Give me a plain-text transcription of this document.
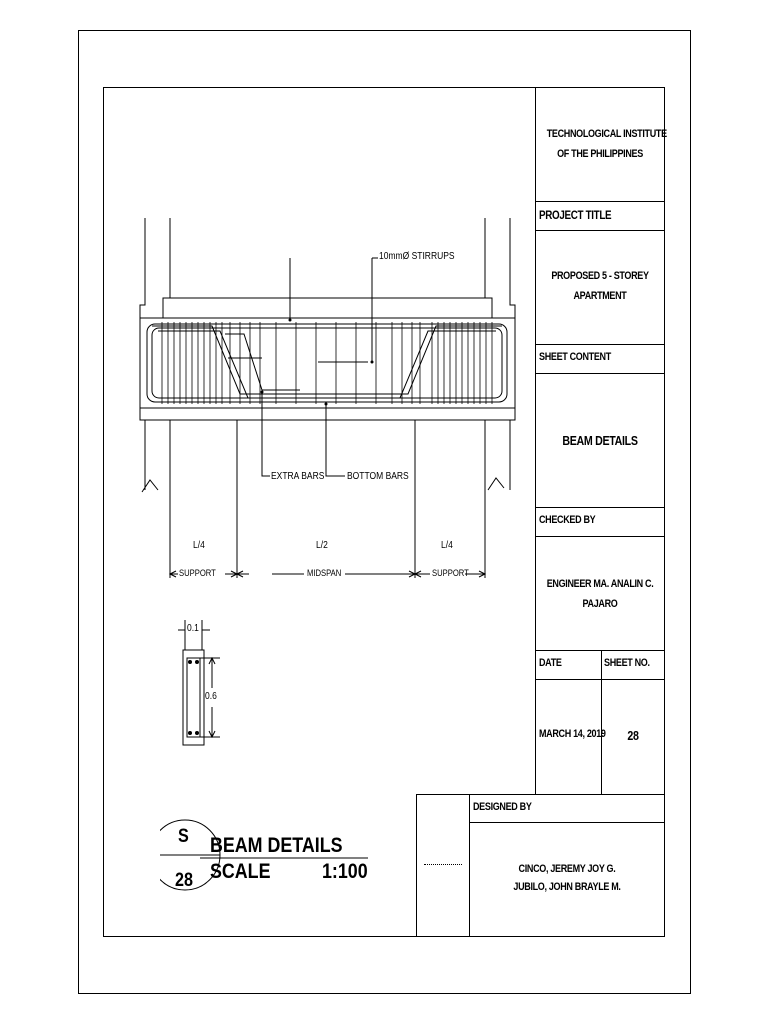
TECHNOLOGICAL INSTITUTE
OF THE PHILIPPINES
PROJECT TITLE
PROPOSED 5 - STOREY
APARTMENT
SHEET CONTENT
BEAM DETAILS
CHECKED BY
ENGINEER MA. ANALIN C.
PAJARO
DATE	SHEET NO.
MARCH 14, 2019	28
DESIGNED BY
CINCO, JEREMY JOY G.
JUBILO, JOHN BRAYLE M.
10mmØ STIRRUPS
EXTRA BARS BOTTOM BARS
L/4	L/2	L/4
SUPPORT	MIDSPAN	SUPPORT
0.1
0.6
S
28
BEAM DETAILS
SCALE 1:100
